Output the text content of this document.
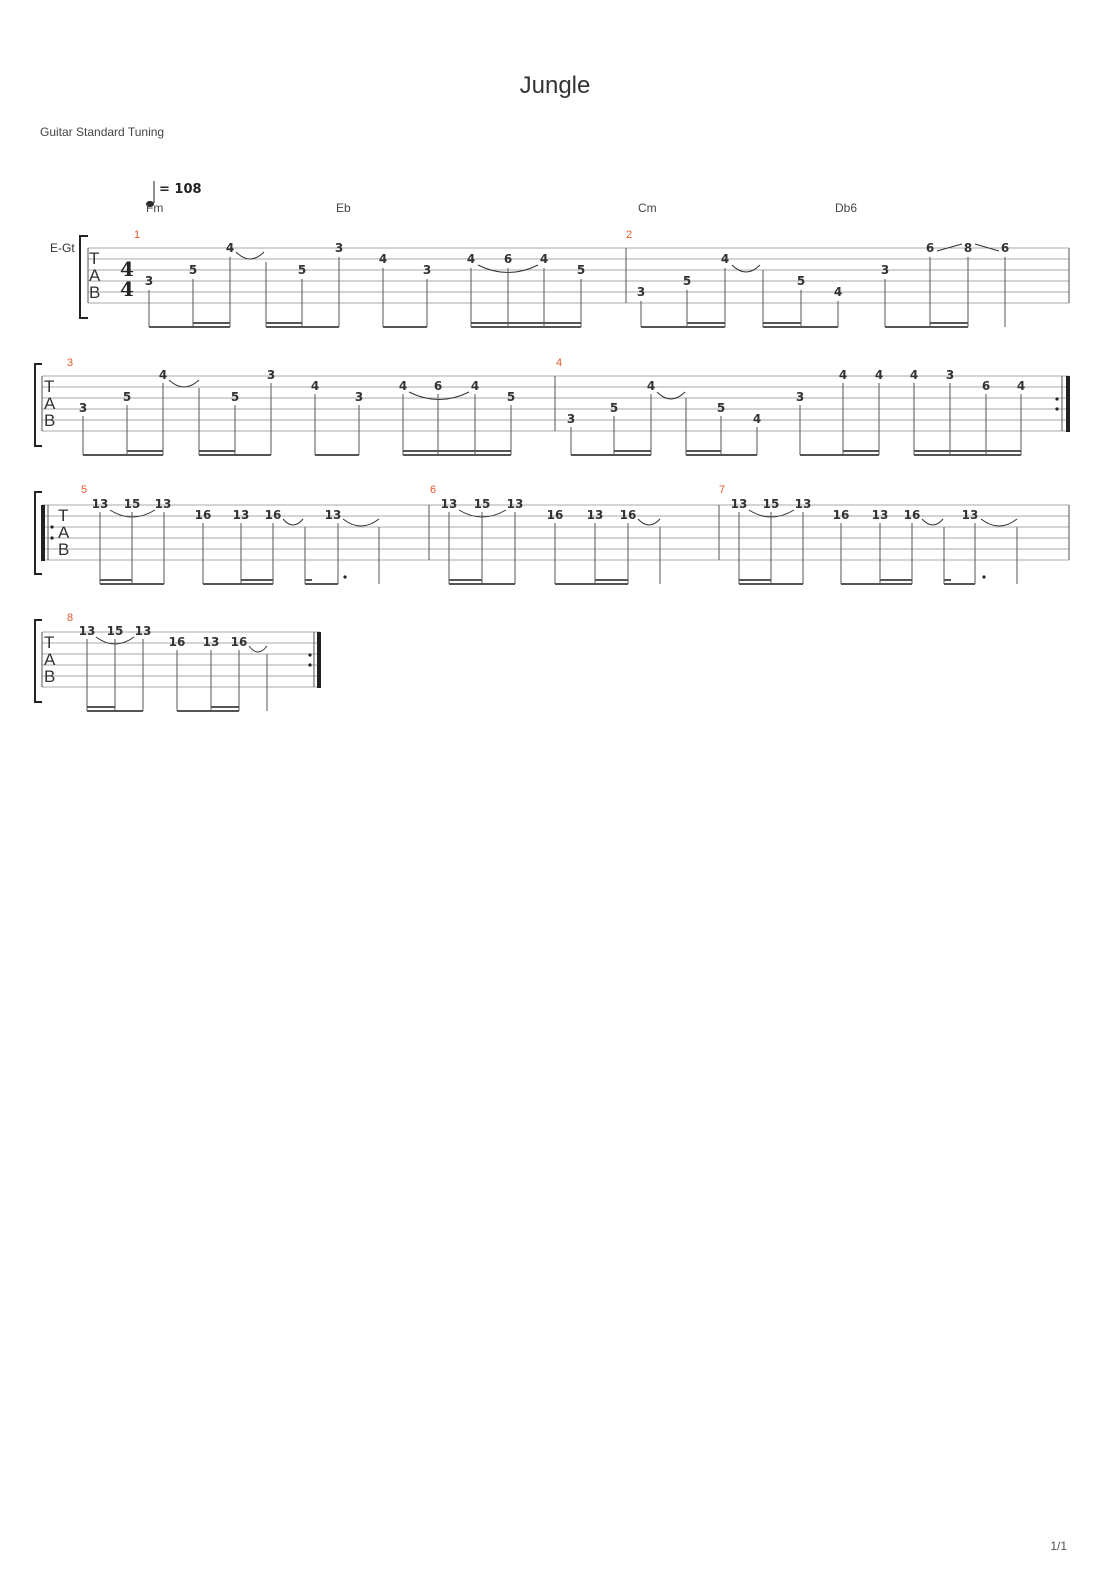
Jungle
Guitar Standard Tuning
1/1
= 108
Fm	Eb	Cm	Db6
E-Gt
T
A
B
4
4
1	2
3
5
4
5
3
4
3
4 6 4
5
3
5
4
5
4
3
6 8 6
T
A
B
3	4
3
5
4
5
3
4
3
4 6 4
5
3
5
4
5
4
3
4 4 4 3
6 4
T
A
B
5	6	7
13 15 13
16 13 16	13
13 15 13
16 13 16
13 15 13
16 13 16	13
T
A
B
8
13 15 13
16 13 16
